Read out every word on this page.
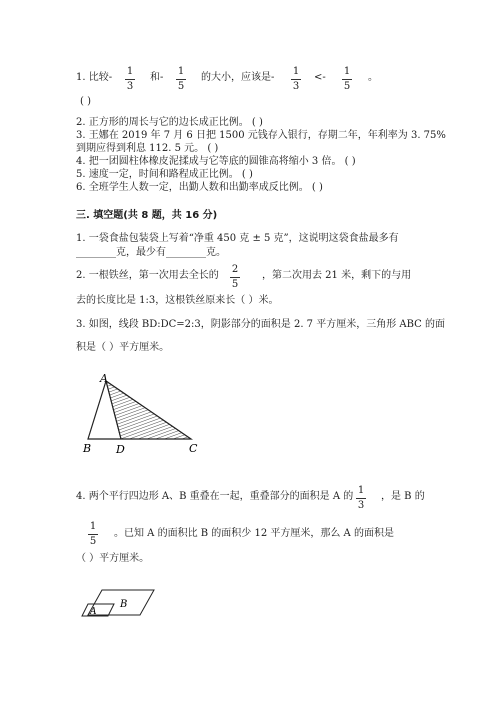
1. 比较-
1
3
和-
1
5
的大小，应该是-
1
3
<-
1
5
。
( )
2. 正方形的周长与它的边长成正比例。 ( )
3. 王娜在 2019 年 7 月 6 日把 1500 元钱存入银行，存期二年，年利率为 3. 75%
到期应得到利息 112. 5 元。 ( )
4. 把一团圆柱体橡皮泥揉成与它等底的圆锥高将缩小 3 倍。 ( )
5. 速度一定，时间和路程成正比例。 ( )
6. 全班学生人数一定，出勤人数和出勤率成反比例。 ( )
三. 填空题(共 8 题，共 16 分)
1. 一袋食盐包装袋上写着“净重 450 克 ± 5 克”，这说明这袋食盐最多有
________克，最少有________克。
2. 一根铁丝，第一次用去全长的
2
5
，第二次用去 21 米，剩下的与用
去的长度比是 1:3，这根铁丝原来长（ ）米。
3. 如图，线段 BD:DC=2:3，阴影部分的面积是 2. 7 平方厘米，三角形 ABC 的面
积是（ ）平方厘米。
A
B D	C
4. 两个平行四边形 A、B 重叠在一起，重叠部分的面积是 A 的
1
3
，是 B 的
1
5
。已知 A 的面积比 B 的面积少 12 平方厘米，那么 A 的面积是
（ ）平方厘米。
B
A
